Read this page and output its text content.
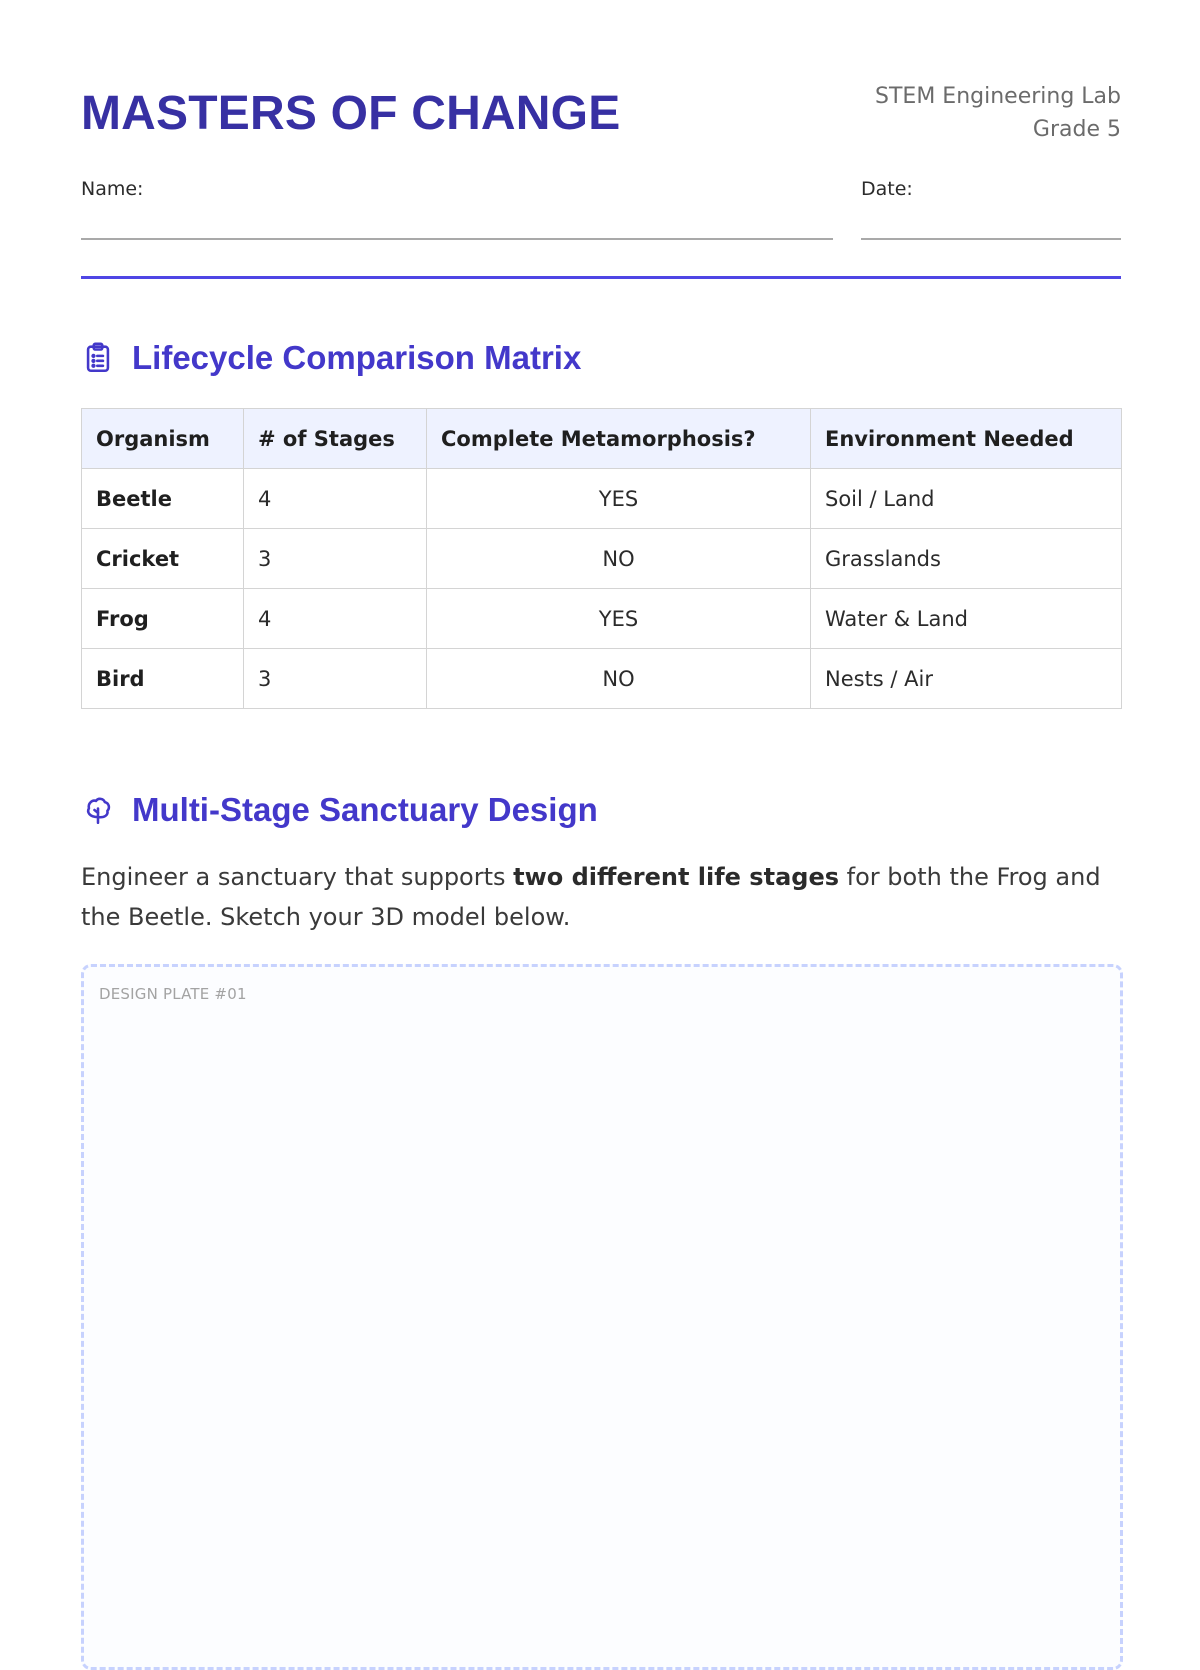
MASTERS OF CHANGE	STEM Engineering Lab
Grade 5
Name:	Date:
Lifecycle Comparison Matrix
Organism	# of Stages	Complete Metamorphosis?	Environment Needed
Beetle	4	YES	Soil / Land
Cricket	3	NO	Grasslands
Frog	4	YES	Water & Land
Bird	3	NO	Nests / Air
Multi-Stage Sanctuary Design

Engineer a sanctuary that supports two different life stages for both the Frog and the Beetle. Sketch your 3D model below.

DESIGN PLATE #01
